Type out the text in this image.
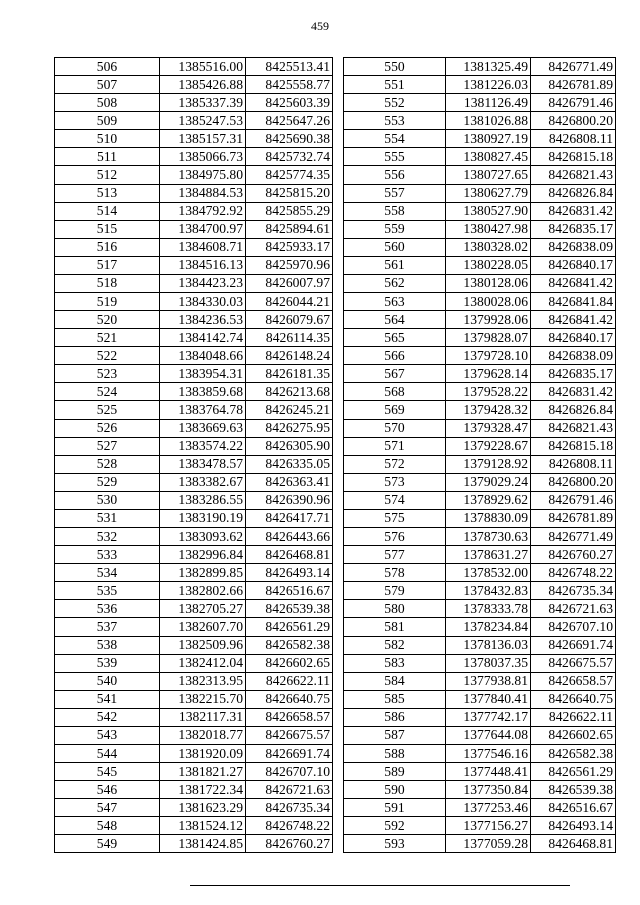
459
506	1385516.00	8425513.41
507	1385426.88	8425558.77
508	1385337.39	8425603.39
509	1385247.53	8425647.26
510	1385157.31	8425690.38
511	1385066.73	8425732.74
512	1384975.80	8425774.35
513	1384884.53	8425815.20
514	1384792.92	8425855.29
515	1384700.97	8425894.61
516	1384608.71	8425933.17
517	1384516.13	8425970.96
518	1384423.23	8426007.97
519	1384330.03	8426044.21
520	1384236.53	8426079.67
521	1384142.74	8426114.35
522	1384048.66	8426148.24
523	1383954.31	8426181.35
524	1383859.68	8426213.68
525	1383764.78	8426245.21
526	1383669.63	8426275.95
527	1383574.22	8426305.90
528	1383478.57	8426335.05
529	1383382.67	8426363.41
530	1383286.55	8426390.96
531	1383190.19	8426417.71
532	1383093.62	8426443.66
533	1382996.84	8426468.81
534	1382899.85	8426493.14
535	1382802.66	8426516.67
536	1382705.27	8426539.38
537	1382607.70	8426561.29
538	1382509.96	8426582.38
539	1382412.04	8426602.65
540	1382313.95	8426622.11
541	1382215.70	8426640.75
542	1382117.31	8426658.57
543	1382018.77	8426675.57
544	1381920.09	8426691.74
545	1381821.27	8426707.10
546	1381722.34	8426721.63
547	1381623.29	8426735.34
548	1381524.12	8426748.22
549	1381424.85	8426760.27
550	1381325.49	8426771.49
551	1381226.03	8426781.89
552	1381126.49	8426791.46
553	1381026.88	8426800.20
554	1380927.19	8426808.11
555	1380827.45	8426815.18
556	1380727.65	8426821.43
557	1380627.79	8426826.84
558	1380527.90	8426831.42
559	1380427.98	8426835.17
560	1380328.02	8426838.09
561	1380228.05	8426840.17
562	1380128.06	8426841.42
563	1380028.06	8426841.84
564	1379928.06	8426841.42
565	1379828.07	8426840.17
566	1379728.10	8426838.09
567	1379628.14	8426835.17
568	1379528.22	8426831.42
569	1379428.32	8426826.84
570	1379328.47	8426821.43
571	1379228.67	8426815.18
572	1379128.92	8426808.11
573	1379029.24	8426800.20
574	1378929.62	8426791.46
575	1378830.09	8426781.89
576	1378730.63	8426771.49
577	1378631.27	8426760.27
578	1378532.00	8426748.22
579	1378432.83	8426735.34
580	1378333.78	8426721.63
581	1378234.84	8426707.10
582	1378136.03	8426691.74
583	1378037.35	8426675.57
584	1377938.81	8426658.57
585	1377840.41	8426640.75
586	1377742.17	8426622.11
587	1377644.08	8426602.65
588	1377546.16	8426582.38
589	1377448.41	8426561.29
590	1377350.84	8426539.38
591	1377253.46	8426516.67
592	1377156.27	8426493.14
593	1377059.28	8426468.81
